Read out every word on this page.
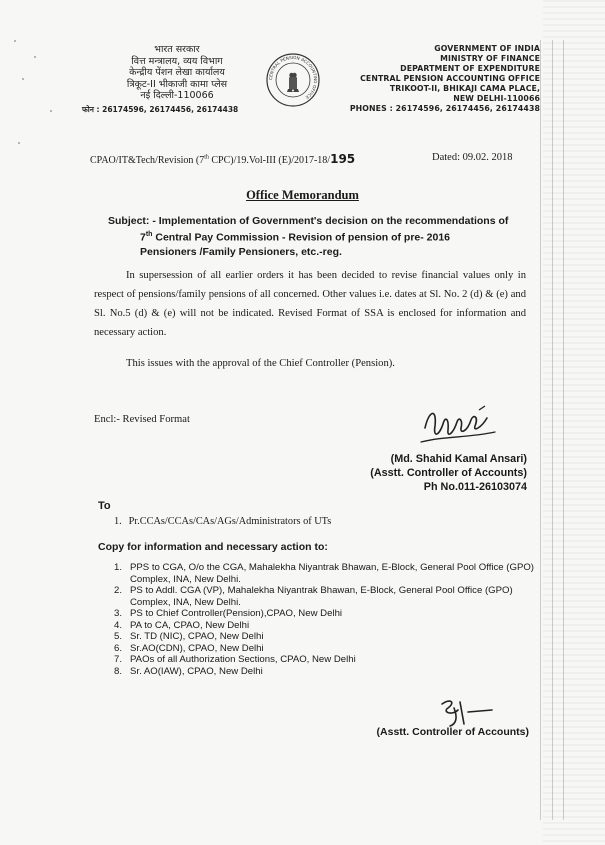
भारत सरकार
वित्त मन्त्रालय, व्यय विभाग
केन्द्रीय पेंशन लेखा कार्यालय
त्रिकूट-II भीकाजी कामा प्लेस
नई दिल्ली-110066
फोन : 26174596, 26174456, 26174438
CENTRAL PENSION ACCOUNTING OFFICE
GOVERNMENT OF INDIA
MINISTRY OF FINANCE
DEPARTMENT OF EXPENDITURE
CENTRAL PENSION ACCOUNTING OFFICE
TRIKOOT-II, BHIKAJI CAMA PLACE,
NEW DELHI-110066
PHONES : 26174596, 26174456, 26174438
CPAO/IT&Tech/Revision (7th CPC)/19.Vol-III (E)/2017-18/195	Dated: 09.02. 2018
Office Memorandum
Subject: - Implementation of Government's decision on the recommendations of
7th Central Pay Commission - Revision of pension of pre- 2016
Pensioners /Family Pensioners, etc.-reg.
In supersession of all earlier orders it has been decided to revise financial values only in respect of pensions/family pensions of all concerned. Other values i.e. dates at Sl. No. 2 (d) & (e) and Sl. No.5 (d) & (e) will not be indicated. Revised Format of SSA is enclosed for information and necessary action.
This issues with the approval of the Chief Controller (Pension).
Encl:- Revised Format
(Md. Shahid Kamal Ansari)
(Asstt. Controller of Accounts)
Ph No.011-26103074
To
1. Pr.CCAs/CCAs/CAs/AGs/Administrators of UTs
Copy for information and necessary action to:
1. PPS to CGA, O/o the CGA, Mahalekha Niyantrak Bhawan, E-Block, General Pool Office (GPO) Complex, INA, New Delhi.
2. PS to Addl. CGA (VP), Mahalekha Niyantrak Bhawan, E-Block, General Pool Office (GPO) Complex, INA, New Delhi.
3. PS to Chief Controller(Pension),CPAO, New Delhi
4. PA to CA, CPAO, New Delhi
5. Sr. TD (NIC), CPAO, New Delhi
6. Sr.AO(CDN), CPAO, New Delhi
7. PAOs of all Authorization Sections, CPAO, New Delhi
8. Sr. AO(IAW), CPAO, New Delhi
(Asstt. Controller of Accounts)
